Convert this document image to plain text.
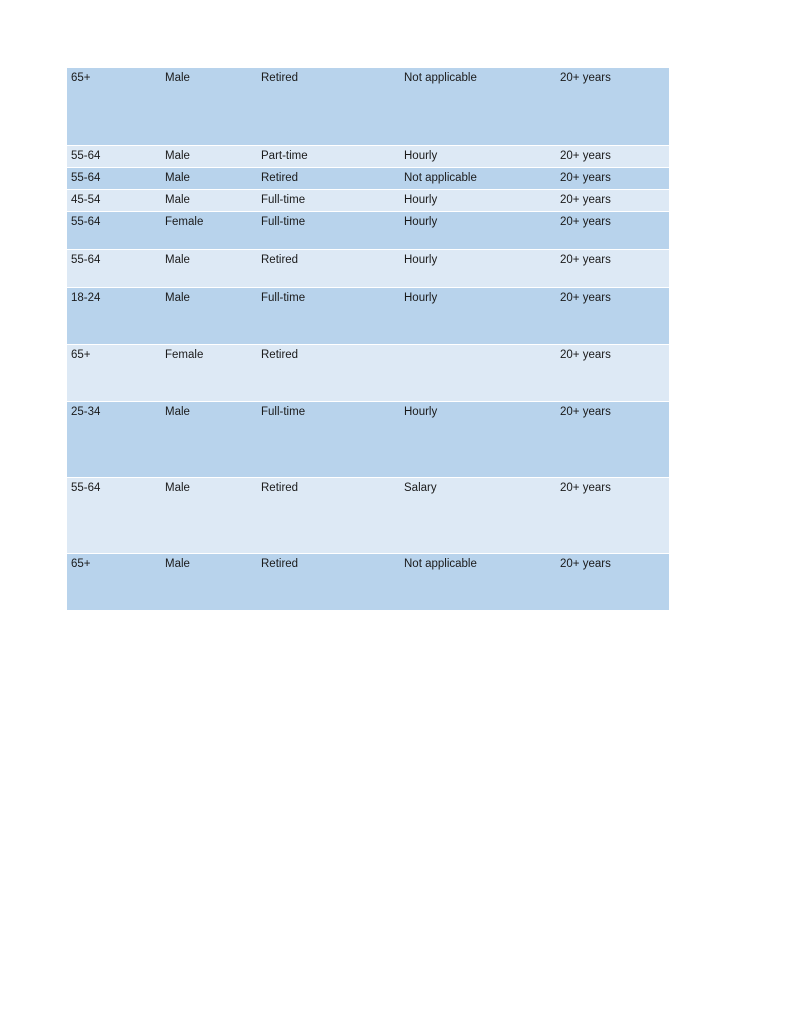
65+	Male	Retired	Not applicable	20+ years
55-64	Male	Part-time	Hourly	20+ years
55-64	Male	Retired	Not applicable	20+ years
45-54	Male	Full-time	Hourly	20+ years
55-64	Female	Full-time	Hourly	20+ years
55-64	Male	Retired	Hourly	20+ years
18-24	Male	Full-time	Hourly	20+ years
65+	Female	Retired		20+ years
25-34	Male	Full-time	Hourly	20+ years
55-64	Male	Retired	Salary	20+ years
65+	Male	Retired	Not applicable	20+ years
